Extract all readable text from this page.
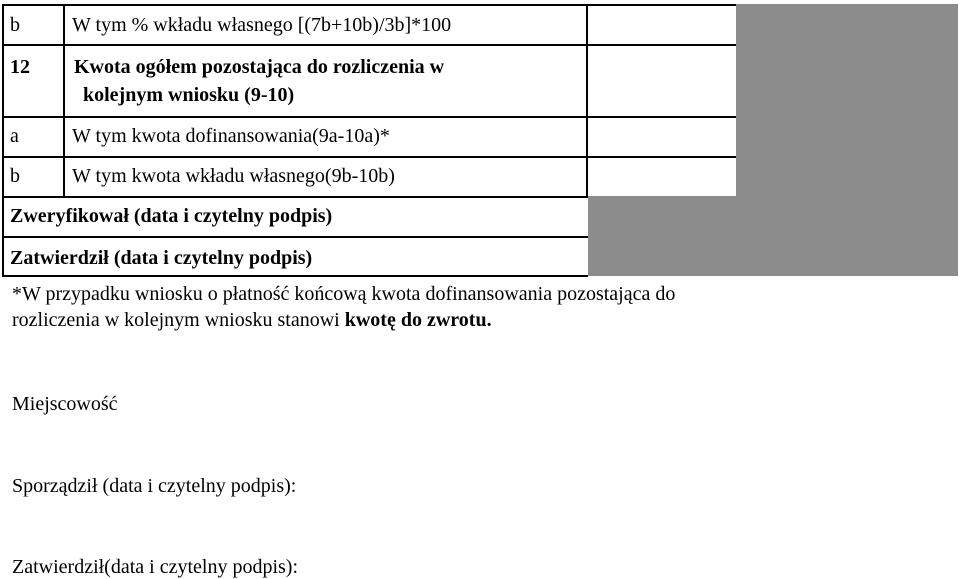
b	W tym % wkładu własnego [(7b+10b)/3b]*100
12 Kwota ogółem pozostająca do rozliczenia w
kolejnym wniosku (9-10)
a	W tym kwota dofinansowania(9a-10a)*
b	W tym kwota wkładu własnego(9b-10b)
Zweryfikował (data i czytelny podpis)
Zatwierdził (data i czytelny podpis)
*W przypadku wniosku o płatność końcową kwota dofinansowania pozostająca do
rozliczenia w kolejnym wniosku stanowi kwotę do zwrotu.
Miejscowość
Sporządził (data i czytelny podpis):
Zatwierdził(data i czytelny podpis):
